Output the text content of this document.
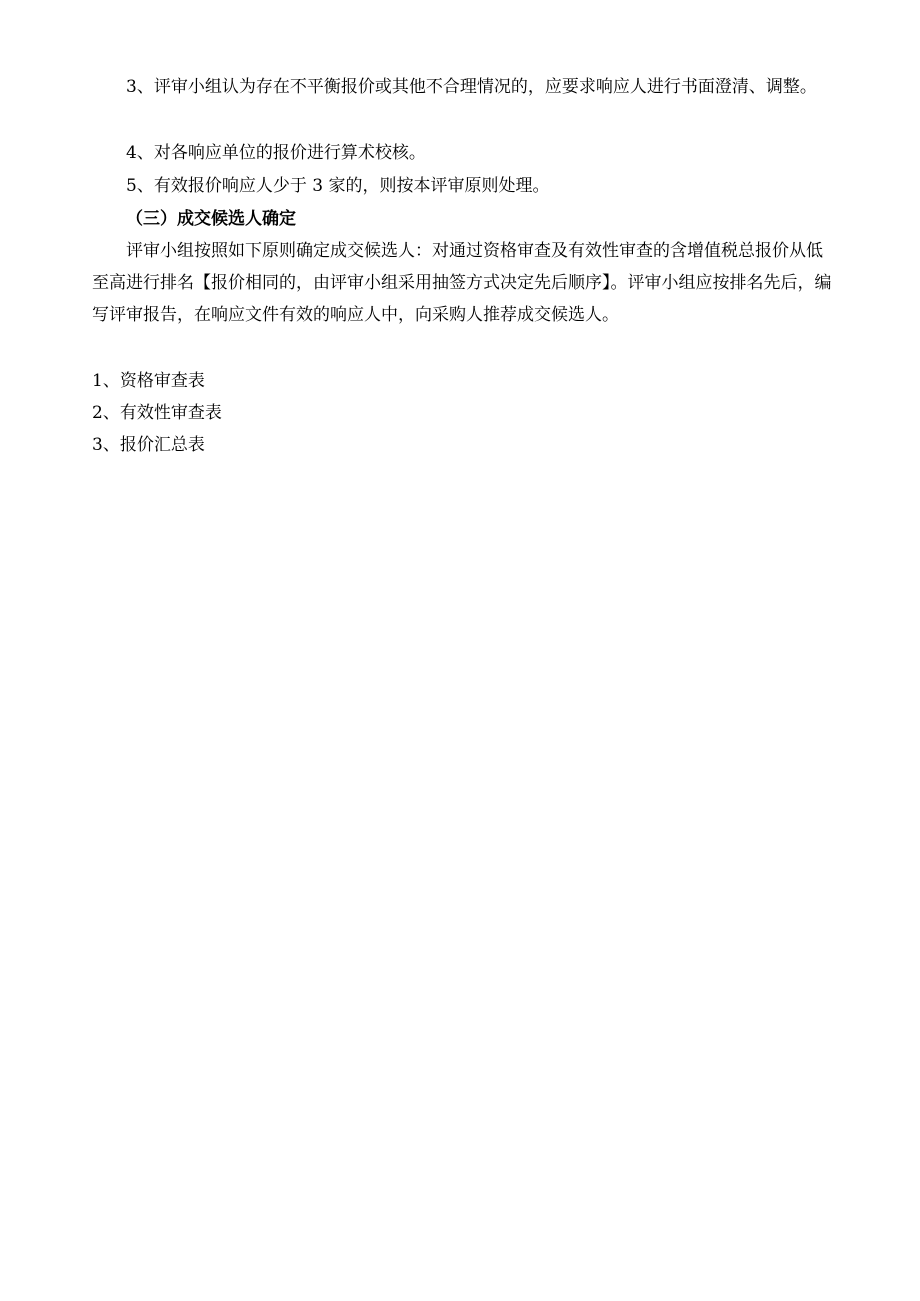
3、评审小组认为存在不平衡报价或其他不合理情况的，应要求响应人进行书面澄清、调整。

4、对各响应单位的报价进行算术校核。

5、有效报价响应人少于 3 家的，则按本评审原则处理。

（三）成交候选人确定

评审小组按照如下原则确定成交候选人：对通过资格审查及有效性审查的含增值税总报价从低至高进行排名【报价相同的，由评审小组采用抽签方式决定先后顺序】。评审小组应按排名先后，编写评审报告，在响应文件有效的响应人中，向采购人推荐成交候选人。

1、资格审查表

2、有效性审查表

3、报价汇总表
